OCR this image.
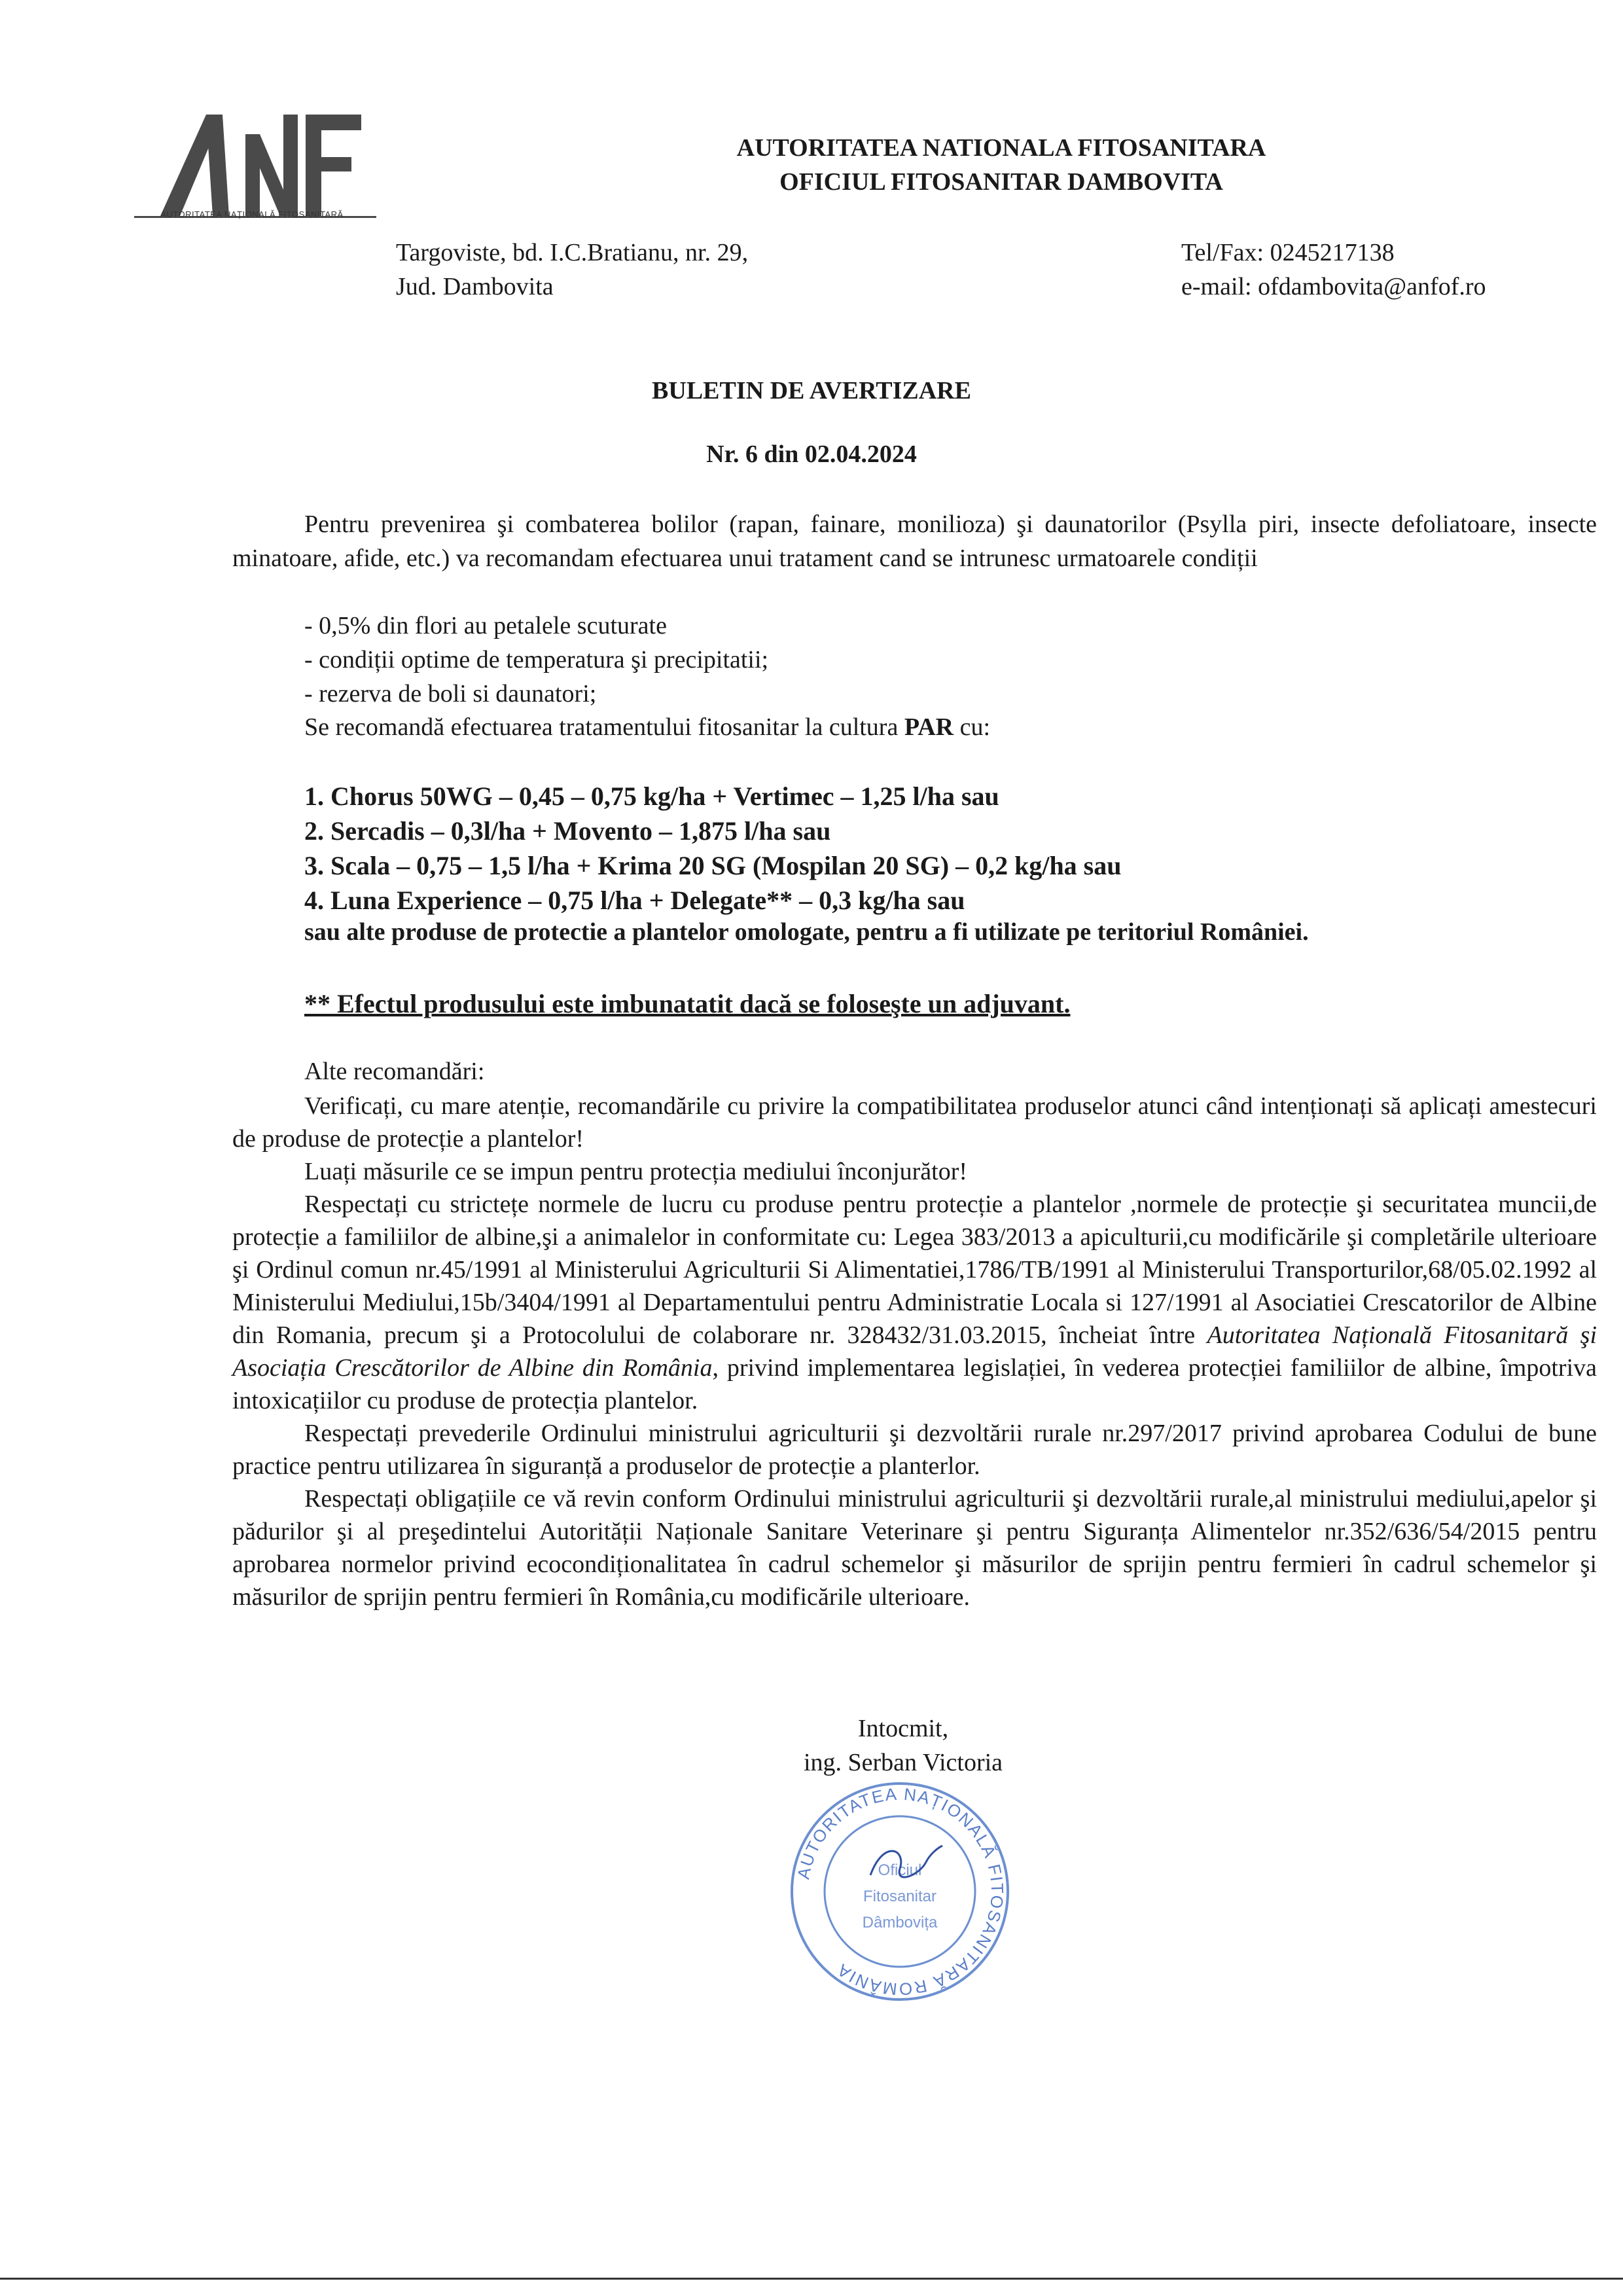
AUTORITATEA NAȚIONALĂ FITOSANITARĂ
AUTORITATEA NATIONALA FITOSANITARA
OFICIUL FITOSANITAR DAMBOVITA
Targoviste, bd. I.C.Bratianu, nr. 29,
Jud. Dambovita
Tel/Fax: 0245217138
e-mail: ofdambovita@anfof.ro
BULETIN DE AVERTIZARE
Nr. 6 din 02.04.2024

Pentru prevenirea şi combaterea bolilor (rapan, fainare, monilioza) şi daunatorilor (Psylla piri, insecte defoliatoare, insecte minatoare, afide, etc.) va recomandam efectuarea unui tratament cand se intrunesc urmatoarele condiții

- 0,5% din flori au petalele scuturate
- condiții optime de temperatura şi precipitatii;
- rezerva de boli si daunatori;
Se recomandă efectuarea tratamentului fitosanitar la cultura PAR cu:
1. Chorus 50WG – 0,45 – 0,75 kg/ha + Vertimec – 1,25 l/ha sau
2. Sercadis – 0,3l/ha + Movento – 1,875 l/ha sau
3. Scala – 0,75 – 1,5 l/ha + Krima 20 SG (Mospilan 20 SG) – 0,2 kg/ha sau
4. Luna Experience – 0,75 l/ha + Delegate** – 0,3 kg/ha sau
sau alte produse de protectie a plantelor omologate, pentru a fi utilizate pe teritoriul României.
** Efectul produsului este imbunatatit dacă se foloseşte un adjuvant.
Alte recomandări:

Verificați, cu mare atenție, recomandările cu privire la compatibilitatea produselor atunci când intenționați să aplicați amestecuri de produse de protecție a plantelor!

Luați măsurile ce se impun pentru protecția mediului înconjurător!

Respectați cu strictețe normele de lucru cu produse pentru protecție a plantelor ,normele de protecție şi securitatea muncii,de protecție a familiilor de albine,şi a animalelor in conformitate cu: Legea 383/2013 a apiculturii,cu modificările şi completările ulterioare şi Ordinul comun nr.45/1991 al Ministerului Agriculturii Si Alimentatiei,1786/TB/1991 al Ministerului Transporturilor,68/05.02.1992 al Ministerului Mediului,15b/3404/1991 al Departamentului pentru Administratie Locala si 127/1991 al Asociatiei Crescatorilor de Albine din Romania, precum şi a Protocolului de colaborare nr. 328432/31.03.2015, încheiat între Autoritatea Națională Fitosanitară şi Asociația Crescătorilor de Albine din România, privind implementarea legislației, în vederea protecției familiilor de albine, împotriva intoxicațiilor cu produse de protecția plantelor.

Respectați prevederile Ordinului ministrului agriculturii şi dezvoltării rurale nr.297/2017 privind aprobarea Codului de bune practice pentru utilizarea în siguranță a produselor de protecție a planterlor.

Respectați obligațiile ce vă revin conform Ordinului ministrului agriculturii şi dezvoltării rurale,al ministrului mediului,apelor şi pădurilor şi al preşedintelui Autorității Naționale Sanitare Veterinare şi pentru Siguranța Alimentelor nr.352/636/54/2015 pentru aprobarea normelor privind ecocondiționalitatea în cadrul schemelor şi măsurilor de sprijin pentru fermieri în cadrul schemelor şi măsurilor de sprijin pentru fermieri în România,cu modificările ulterioare.

Intocmit,
ing. Serban Victoria
AUTORITATEA NAȚIONALĂ FITOSANITARĂ ROMÂNIA
Oficiul
Fitosanitar
Dâmbovița
